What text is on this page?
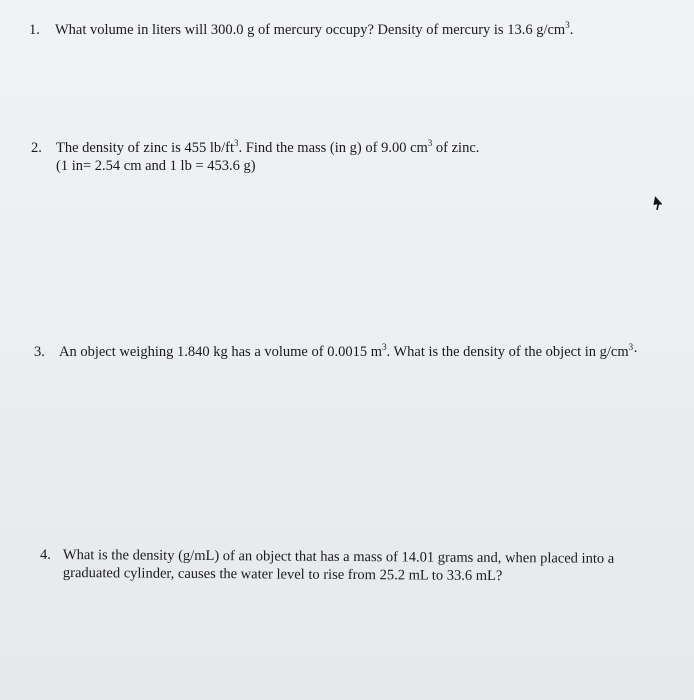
1. What volume in liters will 300.0 g of mercury occupy? Density of mercury is 13.6 $g/cm^3$.
2. The density of zinc is 455 $lb/ft^3$. Find the mass (in g) of 9.00 $cm^3$ of zinc.
(1 in= 2.54 cm and 1 lb = 453.6 g)
3. An object weighing 1.840 kg has a volume of 0.0015 $m^3$. What is the density of the object in $g/cm^3\cdot$
4. What is the density (g/mL) of an object that has a mass of 14.01 grams and, when placed into a
graduated cylinder, causes the water level to rise from 25.2 mL to 33.6 mL?
